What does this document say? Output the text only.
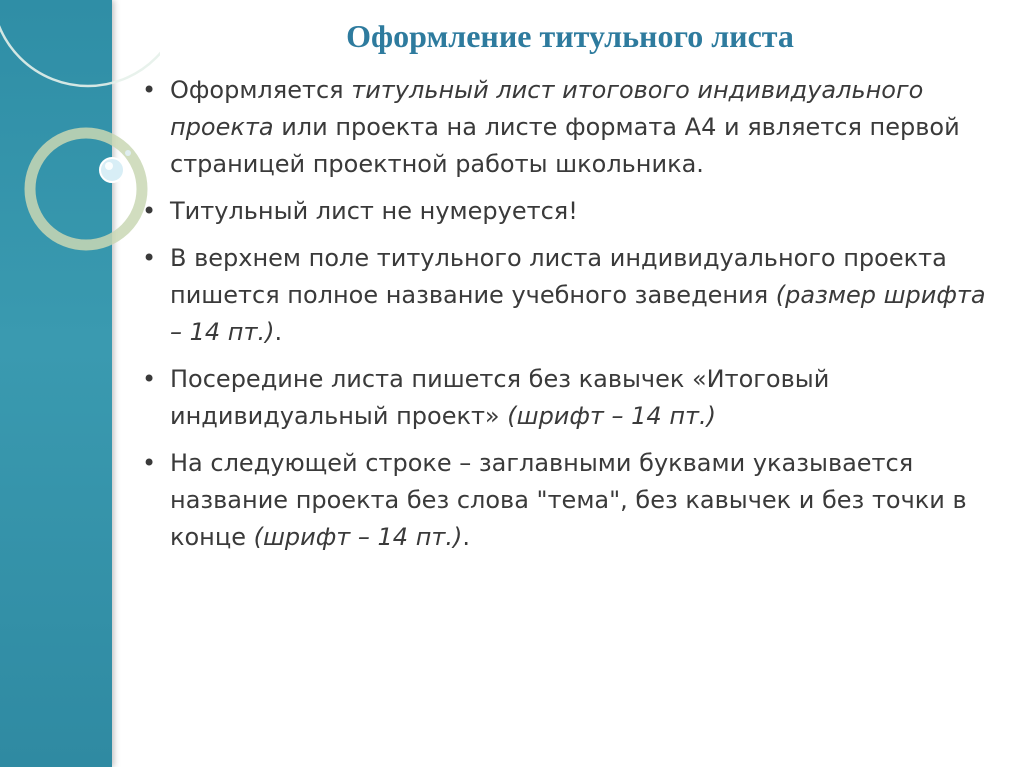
Оформление титульного листа
• Оформляется титульный лист итогового индивидуального проекта или проекта на листе формата А4 и является первой страницей проектной работы школьника.
• Титульный лист не нумеруется!
• В верхнем поле титульного листа индивидуального проекта пишется полное название учебного заведения (размер шрифта – 14 пт.).
• Посередине листа пишется без кавычек «Итоговый индивидуальный проект» (шрифт – 14 пт.)
• На следующей строке – заглавными буквами указывается название проекта без слова "тема", без кавычек и без точки в конце (шрифт – 14 пт.).
